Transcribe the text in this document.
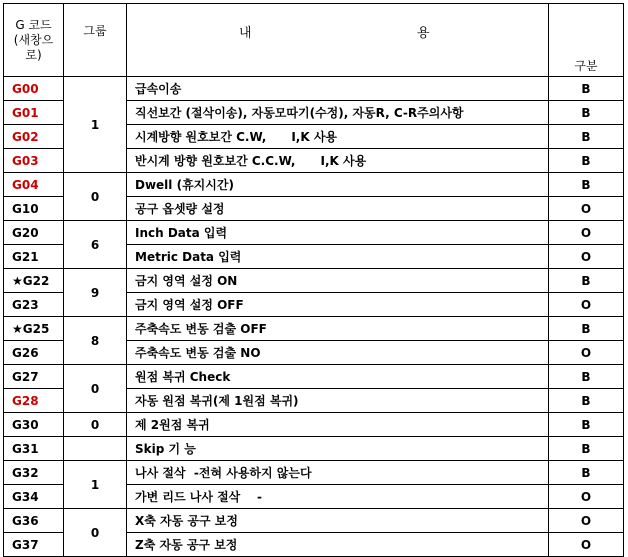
G 코드
(새창으
로)	그룹	내 용	구분
G00	1	급속이송	B
G01		직선보간 (절삭이송), 자동모따기(수정), 자동R, C-R주의사항	B
G02		시계방향 원호보간 C.W,      I,K 사용	B
G03		반시계 방향 원호보간 C.C.W,      I,K 사용	B
G04	0	Dwell (휴지시간)	B
G10		공구 옵셋량 설정	O
G20	6	Inch Data 입력	O
G21		Metric Data 입력	O
★G22	9	금지 영역 설정 ON	B
G23		금지 영역 설정 OFF	O
★G25	8	주축속도 변동 검출 OFF	B
G26		주축속도 변동 검출 NO	O
G27	0	원점 복귀 Check	B
G28		자동 원점 복귀(제 1원점 복귀)	B
G30	0	제 2원점 복귀	B
G31		Skip 기 능	B
G32	1	나사 절삭  -전혀 사용하지 않는다	B
G34		가변 리드 나사 절삭    -	O
G36	0	X축 자동 공구 보정	O
G37		Z축 자동 공구 보정	O
